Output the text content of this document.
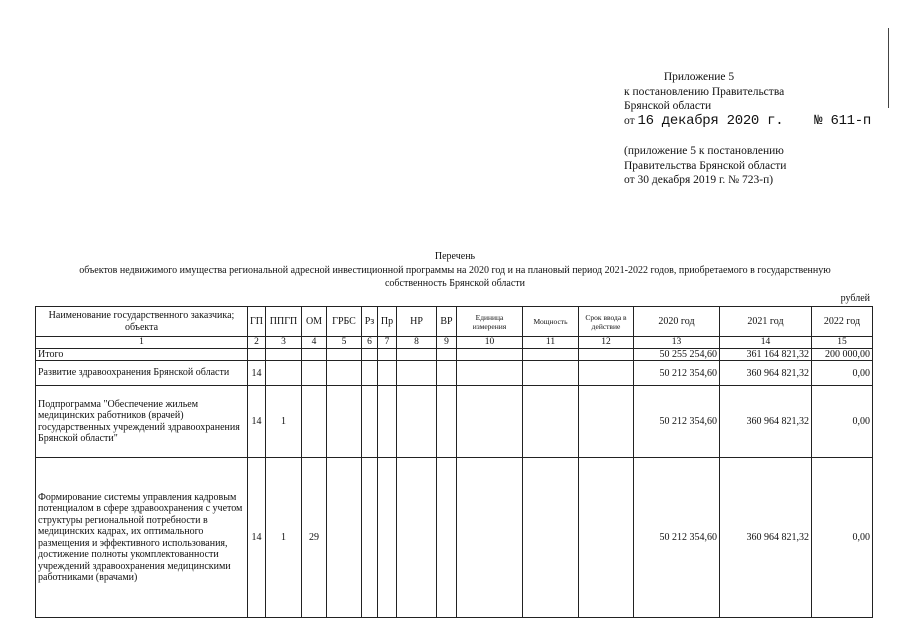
Приложение 5
к постановлению Правительства
Брянской области
от 16 декабря 2020 г. № 611-п
(приложение 5 к постановлению
Правительства Брянской области
от 30 декабря 2019 г. № 723-п)
Перечень
объектов недвижимого имущества региональной адресной инвестиционной программы на 2020 год и на плановый период 2021-2022 годов, приобретаемого в государственную
собственность Брянской области
рублей
Наименование государственного заказчика; объекта	ГП	ППГП	ОМ	ГРБС	Рз	Пр	НР	ВР	Единица измерения	Мощность	Срок ввода в действие	2020 год	2021 год	2022 год
1	2	3	4	5	6	7	8	9	10	11	12	13	14	15
Итого												50 255 254,60	361 164 821,32	200 000,00
Развитие здравоохранения Брянской области	14											50 212 354,60	360 964 821,32	0,00
Подпрограмма "Обеспечение жильем медицинских работников (врачей) государственных учреждений здравоохранения Брянской области"	14	1										50 212 354,60	360 964 821,32	0,00
Формирование системы управления кадровым потенциалом в сфере здравоохранения с учетом структуры региональной потребности в медицинских кадрах, их оптимального размещения и эффективного использования, достижение полноты укомплектованности учреждений здравоохранения медицинскими работниками (врачами)	14	1	29									50 212 354,60	360 964 821,32	0,00
